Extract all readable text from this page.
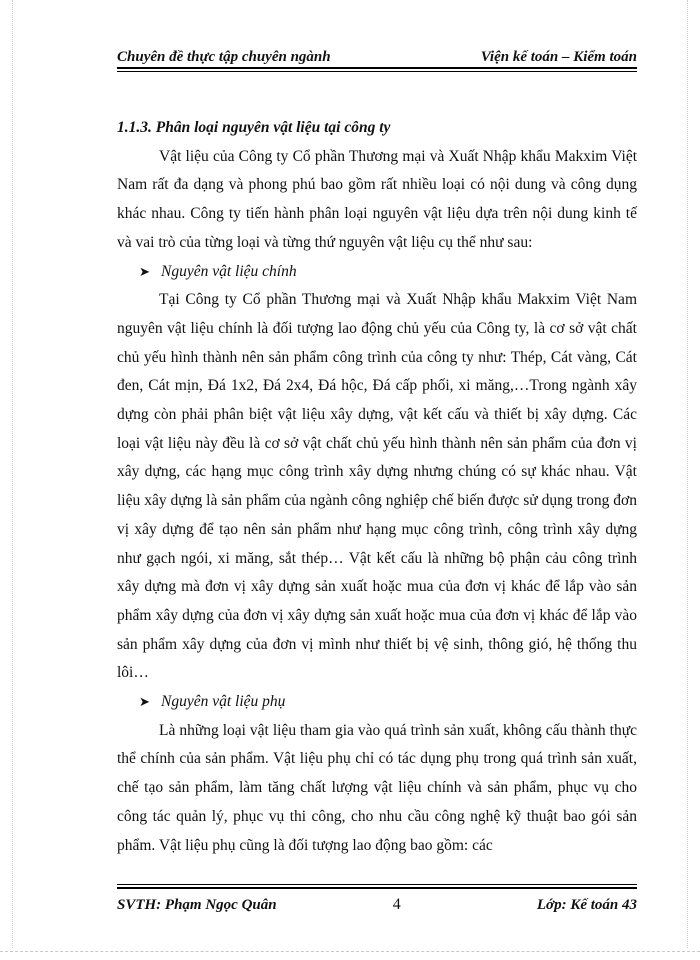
Chuyên đề thực tập chuyên ngành	Viện kế toán – Kiểm toán
1.1.3. Phân loại nguyên vật liệu tại công ty

Vật liệu của Công ty Cổ phần Thương mại và Xuất Nhập khẩu Makxim Việt Nam rất đa dạng và phong phú bao gồm rất nhiều loại có nội dung và công dụng khác nhau. Công ty tiến hành phân loại nguyên vật liệu dựa trên nội dung kinh tế và vai trò của từng loại và từng thứ nguyên vật liệu cụ thể như sau:

➤ Nguyên vật liệu chính

Tại Công ty Cổ phần Thương mại và Xuất Nhập khẩu Makxim Việt Nam nguyên vật liệu chính là đối tượng lao động chủ yếu của Công ty, là cơ sở vật chất chủ yếu hình thành nên sản phẩm công trình của công ty như: Thép, Cát vàng, Cát đen, Cát mịn, Đá 1x2, Đá 2x4, Đá hộc, Đá cấp phối, xi măng,…Trong ngành xây dựng còn phải phân biệt vật liệu xây dựng, vật kết cấu và thiết bị xây dựng. Các loại vật liệu này đều là cơ sở vật chất chủ yếu hình thành nên sản phẩm của đơn vị xây dựng, các hạng mục công trình xây dựng nhưng chúng có sự khác nhau. Vật liệu xây dựng là sản phẩm của ngành công nghiệp chế biến được sử dụng trong đơn vị xây dựng để tạo nên sản phẩm như hạng mục công trình, công trình xây dựng như gạch ngói, xi măng, sắt thép… Vật kết cấu là những bộ phận cảu công trình xây dựng mà đơn vị xây dựng sản xuất hoặc mua của đơn vị khác để lắp vào sản phẩm xây dựng của đơn vị xây dựng sản xuất hoặc mua của đơn vị khác để lắp vào sản phẩm xây dựng của đơn vị mình như thiết bị vệ sinh, thông gió, hệ thống thu lôi…

➤ Nguyên vật liệu phụ

Là những loại vật liệu tham gia vào quá trình sản xuất, không cấu thành thực thể chính của sản phẩm. Vật liệu phụ chỉ có tác dụng phụ trong quá trình sản xuất, chế tạo sản phẩm, làm tăng chất lượng vật liệu chính và sản phẩm, phục vụ cho công tác quản lý, phục vụ thi công, cho nhu cầu công nghệ kỹ thuật bao gói sản phẩm. Vật liệu phụ cũng là đối tượng lao động bao gồm: các

SVTH: Phạm Ngọc Quân	4	Lớp: Kế toán 43
